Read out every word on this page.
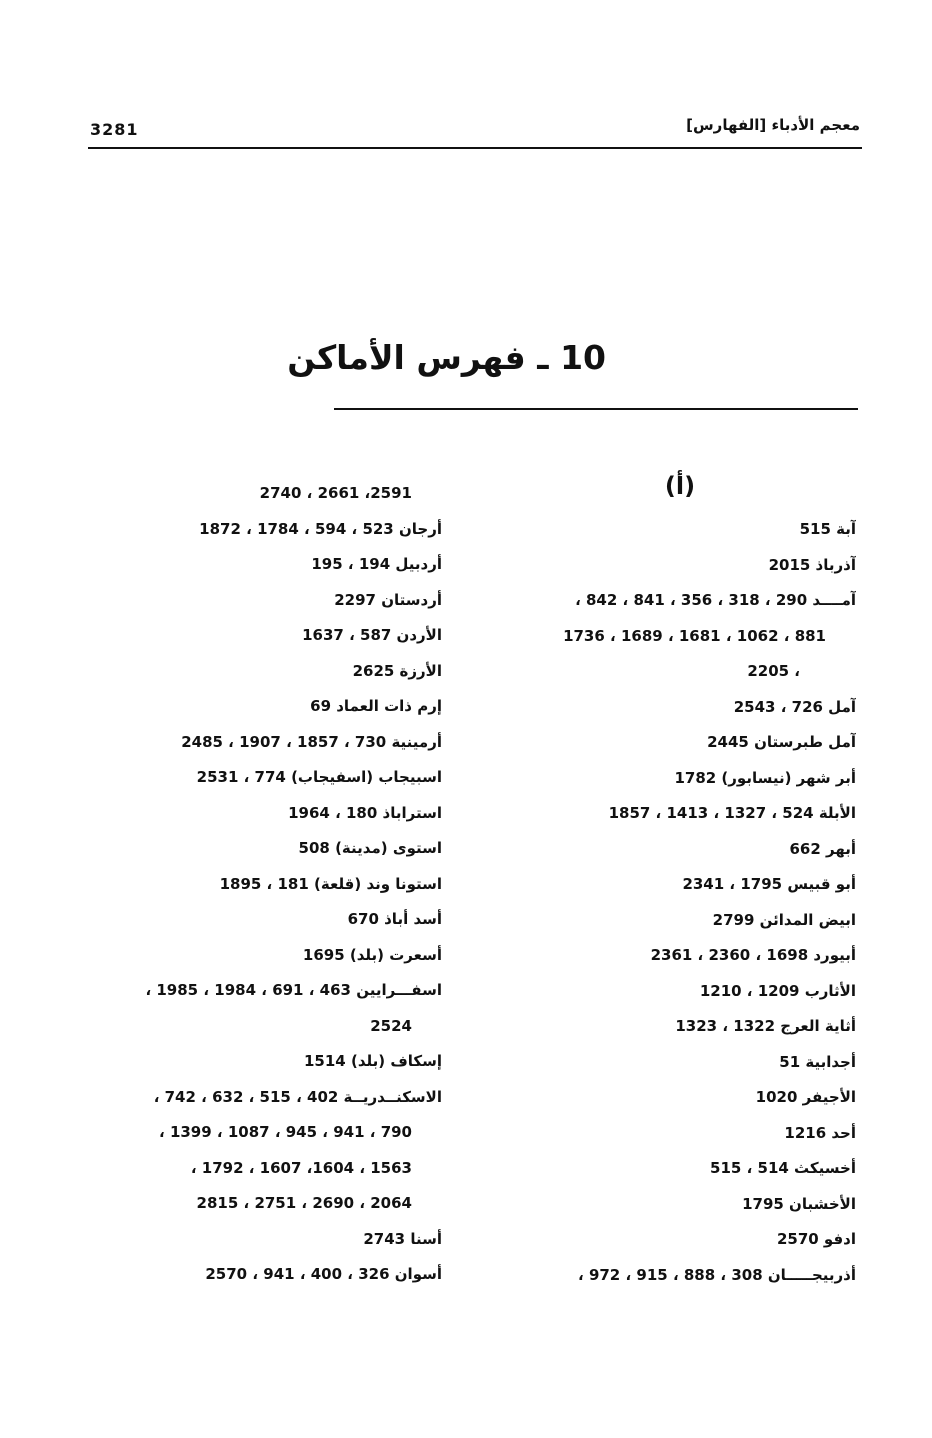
معجم الأدباء [الفهارس]
3281
10 ـ فهرس الأماكن
(أ)
آبة 515
آذرباذ 2015
آمــــد 290 ، 318 ، 356 ، 841 ، 842 ،
881 ، 1062 ، 1681 ، 1689 ، 1736
، 2205
آمل 726 ، 2543
آمل طبرستان 2445
أبر شهر (نيسابور) 1782
الأبلة 524 ، 1327 ، 1413 ، 1857
أبهر 662
أبو قبيس 1795 ، 2341
ابيض المدائن 2799
أبيورد 1698 ، 2360 ، 2361
الأثارب 1209 ، 1210
أثاية العرج 1322 ، 1323
أجدابية 51
الأجيفر 1020
أحد 1216
أخسيكث 514 ، 515
الأخشبان 1795
ادفو 2570
أذربيجـــــان 308 ، 888 ، 915 ، 972 ،
2591، 2661 ، 2740
أرجان 523 ، 594 ، 1784 ، 1872
أردبيل 194 ، 195
أردستان 2297
الأردن 587 ، 1637
الأرزة 2625
إرم ذات العماد 69
أرمينية 730 ، 1857 ، 1907 ، 2485
اسبيجاب (اسفيجاب) 774 ، 2531
استراباذ 180 ، 1964
استوى (مدينة) 508
استونا وند (قلعة) 181 ، 1895
أسد أباذ 670
أسعرت (بلد) 1695
اسفـــرايين 463 ، 691 ، 1984 ، 1985 ،
2524
إسكاف (بلد) 1514
الاسكنــدريــة 402 ، 515 ، 632 ، 742 ،
790 ، 941 ، 945 ، 1087 ، 1399 ،
1563 ، 1604، 1607 ، 1792 ،
2064 ، 2690 ، 2751 ، 2815
أسنا 2743
أسوان 326 ، 400 ، 941 ، 2570
